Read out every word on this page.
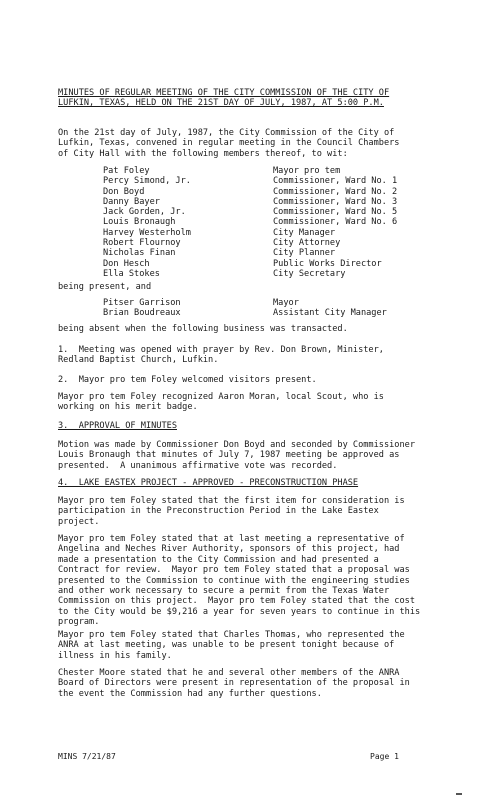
MINUTES OF REGULAR MEETING OF THE CITY COMMISSION OF THE CITY OF

LUFKIN, TEXAS, HELD ON THE 21ST DAY OF JULY, 1987, AT 5:00 P.M.

On the 21st day of July, 1987, the City Commission of the City of

Lufkin, Texas, convened in regular meeting in the Council Chambers

of City Hall with the following members thereof, to wit:

Pat Foley	Mayor pro tem
Percy Simond, Jr.	Commissioner, Ward No. 1
Don Boyd	Commissioner, Ward No. 2
Danny Bayer	Commissioner, Ward No. 3
Jack Gorden, Jr.	Commissioner, Ward No. 5
Louis Bronaugh	Commissioner, Ward No. 6
Harvey Westerholm	City Manager
Robert Flournoy	City Attorney
Nicholas Finan	City Planner
Don Hesch	Public Works Director
Ella Stokes	City Secretary

being present, and

Pitser Garrison	Mayor
Brian Boudreaux	Assistant City Manager

being absent when the following business was transacted.

1.  Meeting was opened with prayer by Rev. Don Brown, Minister,

Redland Baptist Church, Lufkin.

2.  Mayor pro tem Foley welcomed visitors present.

Mayor pro tem Foley recognized Aaron Moran, local Scout, who is

working on his merit badge.

3.  APPROVAL OF MINUTES

Motion was made by Commissioner Don Boyd and seconded by Commissioner

Louis Bronaugh that minutes of July 7, 1987 meeting be approved as

presented.  A unanimous affirmative vote was recorded.

4.  LAKE EASTEX PROJECT - APPROVED - PRECONSTRUCTION PHASE

Mayor pro tem Foley stated that the first item for consideration is

participation in the Preconstruction Period in the Lake Eastex

project.

Mayor pro tem Foley stated that at last meeting a representative of

Angelina and Neches River Authority, sponsors of this project, had

made a presentation to the City Commission and had presented a

Contract for review.  Mayor pro tem Foley stated that a proposal was

presented to the Commission to continue with the engineering studies

and other work necessary to secure a permit from the Texas Water

Commission on this project.  Mayor pro tem Foley stated that the cost

to the City would be $9,216 a year for seven years to continue in this

program.

Mayor pro tem Foley stated that Charles Thomas, who represented the

ANRA at last meeting, was unable to be present tonight because of

illness in his family.

Chester Moore stated that he and several other members of the ANRA

Board of Directors were present in representation of the proposal in

the event the Commission had any further questions.

MINS 7/21/87	Page 1
